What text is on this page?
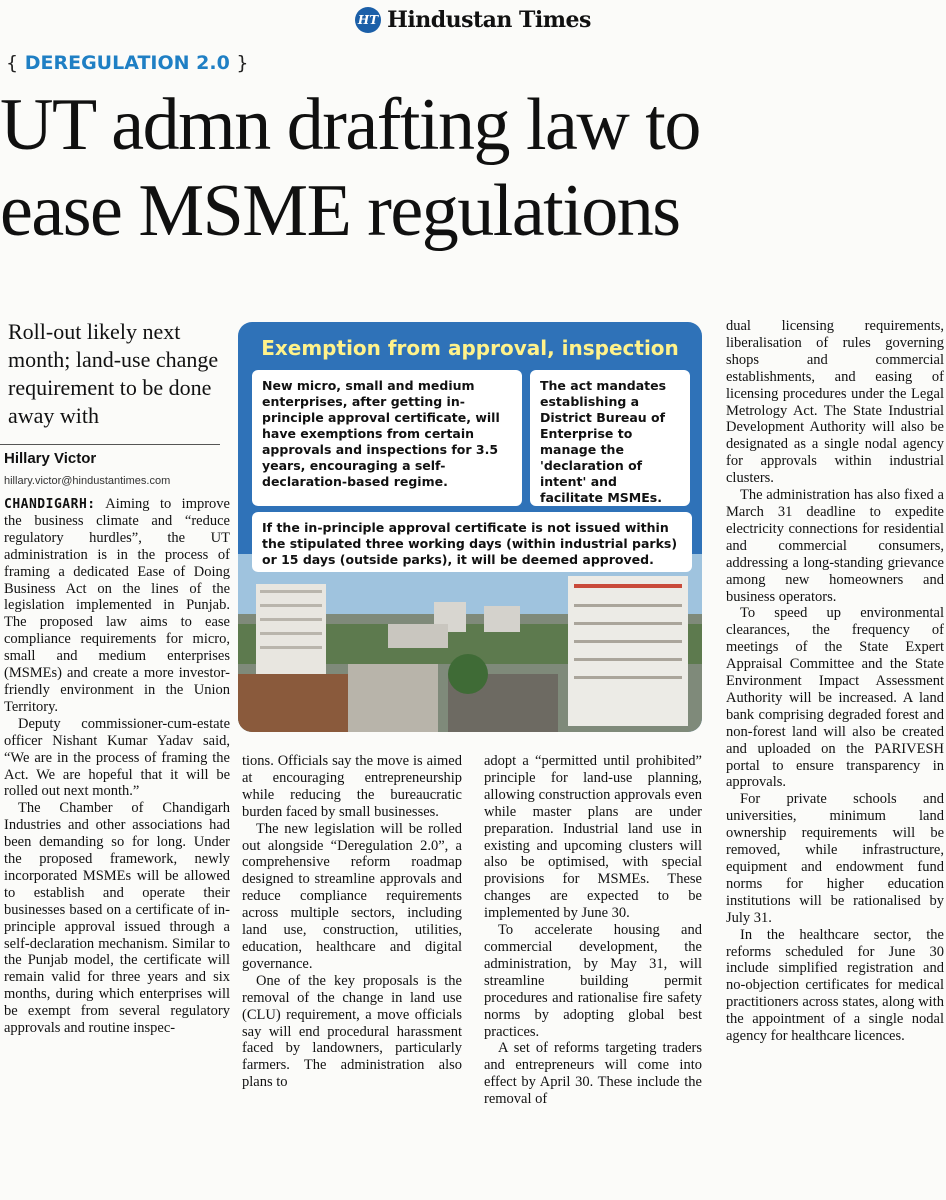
HT Hindustan Times
{ DEREGULATION 2.0 }
UT admn drafting law to
ease MSME regulations
Roll-out likely next month; land-use change requirement to be done away with
Hillary Victor
hillary.victor@hindustantimes.com

CHANDIGARH: Aiming to improve the business climate and “reduce regulatory hurdles”, the UT administration is in the process of framing a dedicated Ease of Doing Business Act on the lines of the legislation implemented in Punjab. The proposed law aims to ease compliance requirements for micro, small and medium enterprises (MSMEs) and create a more investor-friendly environment in the Union Territory.

Deputy commissioner-cum-estate officer Nishant Kumar Yadav said, “We are in the process of framing the Act. We are hopeful that it will be rolled out next month.”

The Chamber of Chandigarh Industries and other associations had been demanding so for long. Under the proposed framework, newly incorporated MSMEs will be allowed to establish and operate their businesses based on a certificate of in-principle approval issued through a self-declaration mechanism. Similar to the Punjab model, the certificate will remain valid for three years and six months, during which enterprises will be exempt from several regulatory approvals and routine inspec-

Exemption from approval, inspection
New micro, small and medium enterprises, after getting in-principle approval certificate, will have exemptions from certain approvals and inspections for 3.5 years, encouraging a self-declaration-based regime.
The act mandates establishing a District Bureau of Enterprise to manage the 'declaration of intent' and facilitate MSMEs.
If the in-principle approval certificate is not issued within the stipulated three working days (within industrial parks) or 15 days (outside parks), it will be deemed approved.

tions. Officials say the move is aimed at encouraging entrepreneurship while reducing the bureaucratic burden faced by small businesses.

The new legislation will be rolled out alongside “Deregulation 2.0”, a comprehensive reform roadmap designed to streamline approvals and reduce compliance requirements across multiple sectors, including land use, construction, utilities, education, healthcare and digital governance.

One of the key proposals is the removal of the change in land use (CLU) requirement, a move officials say will end procedural harassment faced by landowners, particularly farmers. The administration also plans to

adopt a “permitted until prohibited” principle for land-use planning, allowing construction approvals even while master plans are under preparation. Industrial land use in existing and upcoming clusters will also be optimised, with special provisions for MSMEs. These changes are expected to be implemented by June 30.

To accelerate housing and commercial development, the administration, by May 31, will streamline building permit procedures and rationalise fire safety norms by adopting global best practices.

A set of reforms targeting traders and entrepreneurs will come into effect by April 30. These include the removal of

dual licensing requirements, liberalisation of rules governing shops and commercial establishments, and easing of licensing procedures under the Legal Metrology Act. The State Industrial Development Authority will also be designated as a single nodal agency for approvals within industrial clusters.

The administration has also fixed a March 31 deadline to expedite electricity connections for residential and commercial consumers, addressing a long-standing grievance among new homeowners and business operators.

To speed up environmental clearances, the frequency of meetings of the State Expert Appraisal Committee and the State Environment Impact Assessment Authority will be increased. A land bank comprising degraded forest and non-forest land will also be created and uploaded on the PARIVESH portal to ensure transparency in approvals.

For private schools and universities, minimum land ownership requirements will be removed, while infrastructure, equipment and endowment fund norms for higher education institutions will be rationalised by July 31.

In the healthcare sector, the reforms scheduled for June 30 include simplified registration and no-objection certificates for medical practitioners across states, along with the appointment of a single nodal agency for healthcare licences.
